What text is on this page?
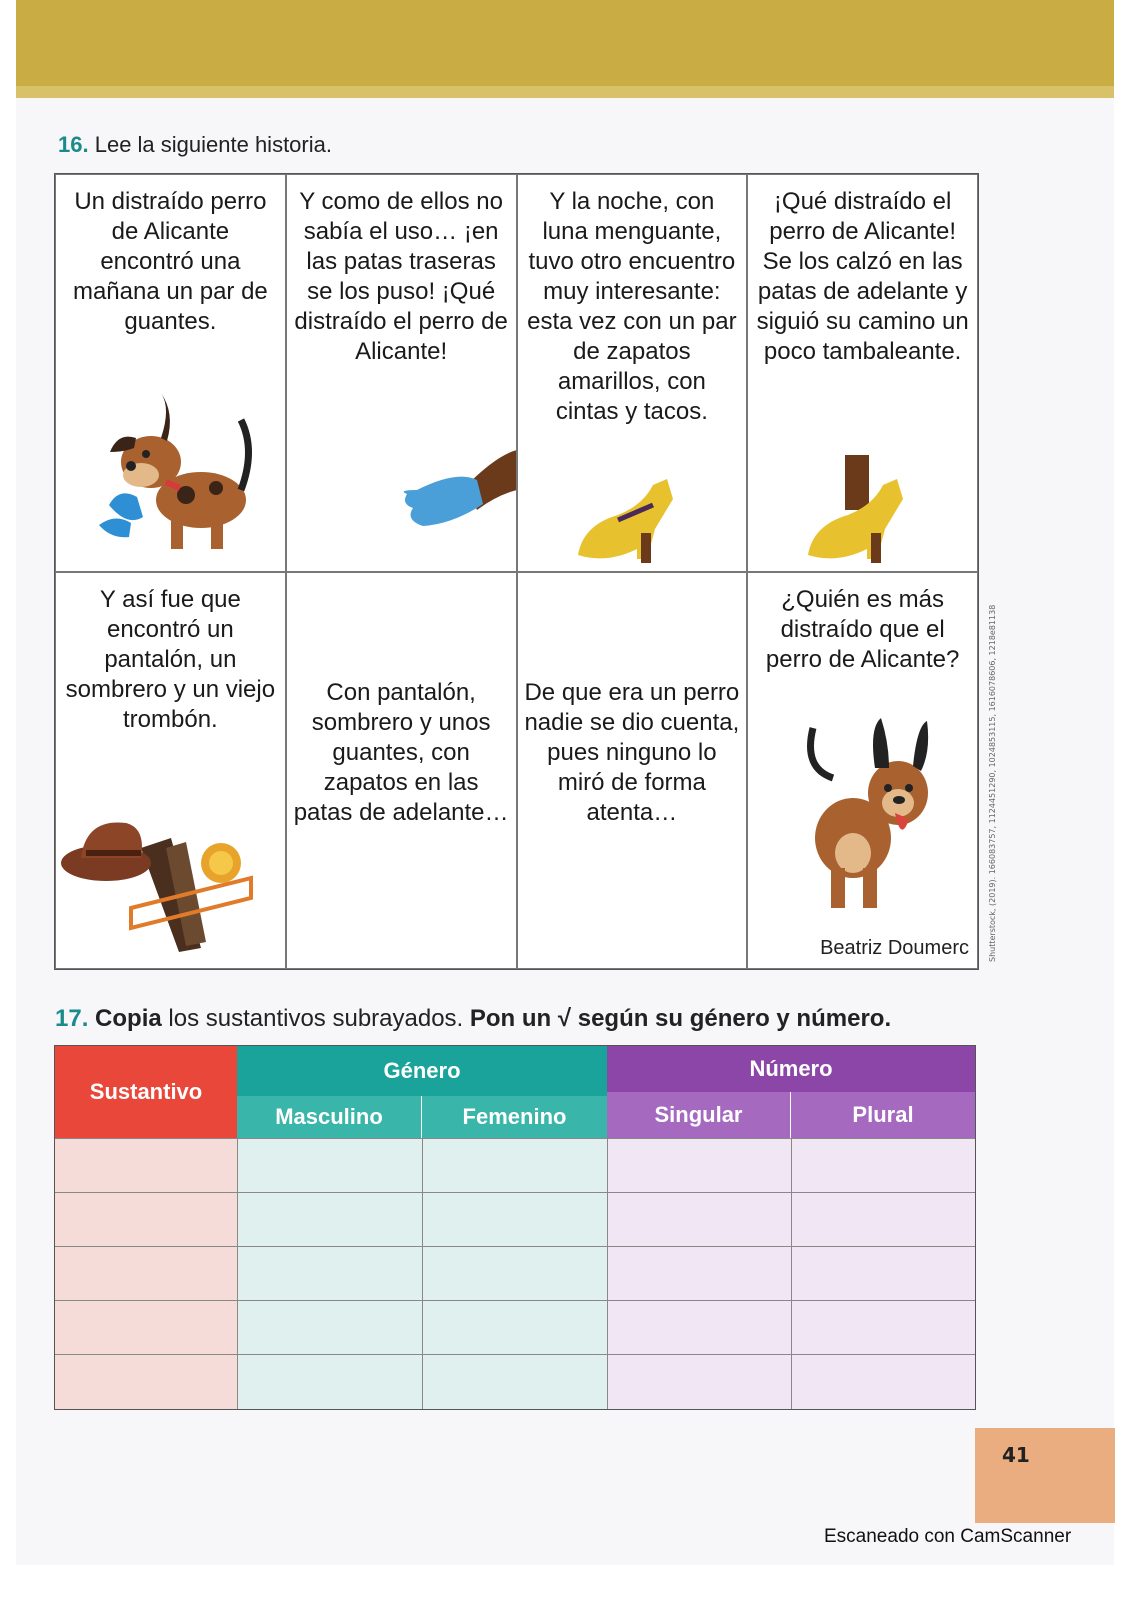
16. Lee la siguiente historia.
Un distraído perro de Alicante encontró una mañana un par de guantes.
Y como de ellos no sabía el uso… ¡en las patas traseras se los puso! ¡Qué distraído el perro de Alicante!
Y la noche, con luna menguante, tuvo otro encuentro muy interesante: esta vez con un par de zapatos amarillos, con cintas y tacos.
¡Qué distraído el perro de Alicante! Se los calzó en las patas de adelante y siguió su camino un poco tambaleante.
Y así fue que encontró un pantalón, un sombrero y un viejo trombón.
Con pantalón, sombrero y unos guantes, con zapatos en las patas de adelante…
De que era un perro nadie se dio cuenta, pues ninguno lo miró de forma atenta…
¿Quién es más distraído que el perro de Alicante?
Beatriz Doumerc Shutterstock, (2019). 166083757, 1124451290, 1024853115, 1616078606, 1218e81138
17. Copia los sustantivos subrayados. Pon un √ según su género y número.
Sustantivo
Género	Número
Masculino	Femenino	Singular	Plural
41
Escaneado con CamScanner
